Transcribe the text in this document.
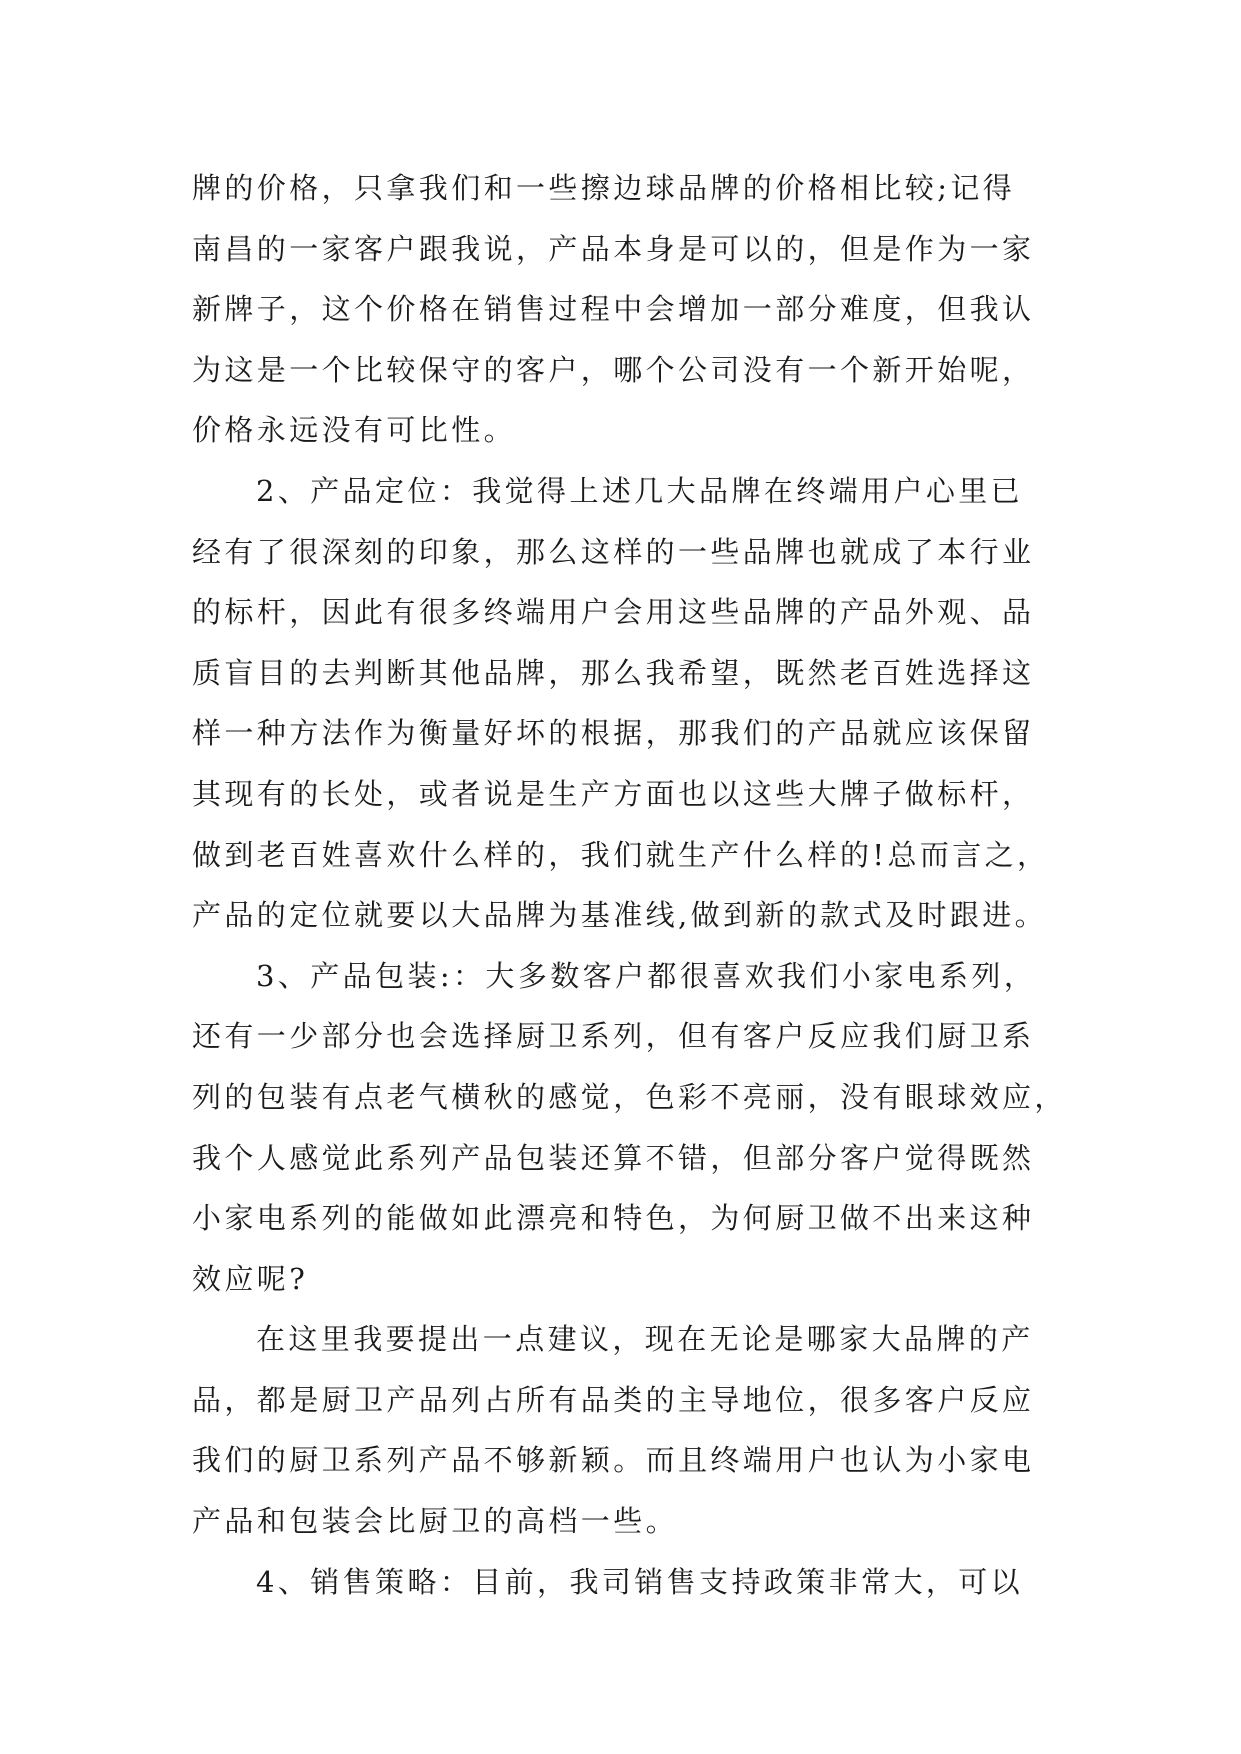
牌的价格，只拿我们和一些擦边球品牌的价格相比较;记得
南昌的一家客户跟我说，产品本身是可以的，但是作为一家
新牌子，这个价格在销售过程中会增加一部分难度，但我认
为这是一个比较保守的客户，哪个公司没有一个新开始呢，
价格永远没有可比性。
2、产品定位：我觉得上述几大品牌在终端用户心里已
经有了很深刻的印象，那么这样的一些品牌也就成了本行业
的标杆，因此有很多终端用户会用这些品牌的产品外观、品
质盲目的去判断其他品牌，那么我希望，既然老百姓选择这
样一种方法作为衡量好坏的根据，那我们的产品就应该保留
其现有的长处，或者说是生产方面也以这些大牌子做标杆，
做到老百姓喜欢什么样的，我们就生产什么样的!总而言之，
产品的定位就要以大品牌为基准线,做到新的款式及时跟进。
3、产品包装:：大多数客户都很喜欢我们小家电系列，
还有一少部分也会选择厨卫系列，但有客户反应我们厨卫系
列的包装有点老气横秋的感觉，色彩不亮丽，没有眼球效应，
我个人感觉此系列产品包装还算不错，但部分客户觉得既然
小家电系列的能做如此漂亮和特色，为何厨卫做不出来这种
效应呢?
在这里我要提出一点建议，现在无论是哪家大品牌的产
品，都是厨卫产品列占所有品类的主导地位，很多客户反应
我们的厨卫系列产品不够新颖。而且终端用户也认为小家电
产品和包装会比厨卫的高档一些。
4、销售策略：目前，我司销售支持政策非常大，可以
